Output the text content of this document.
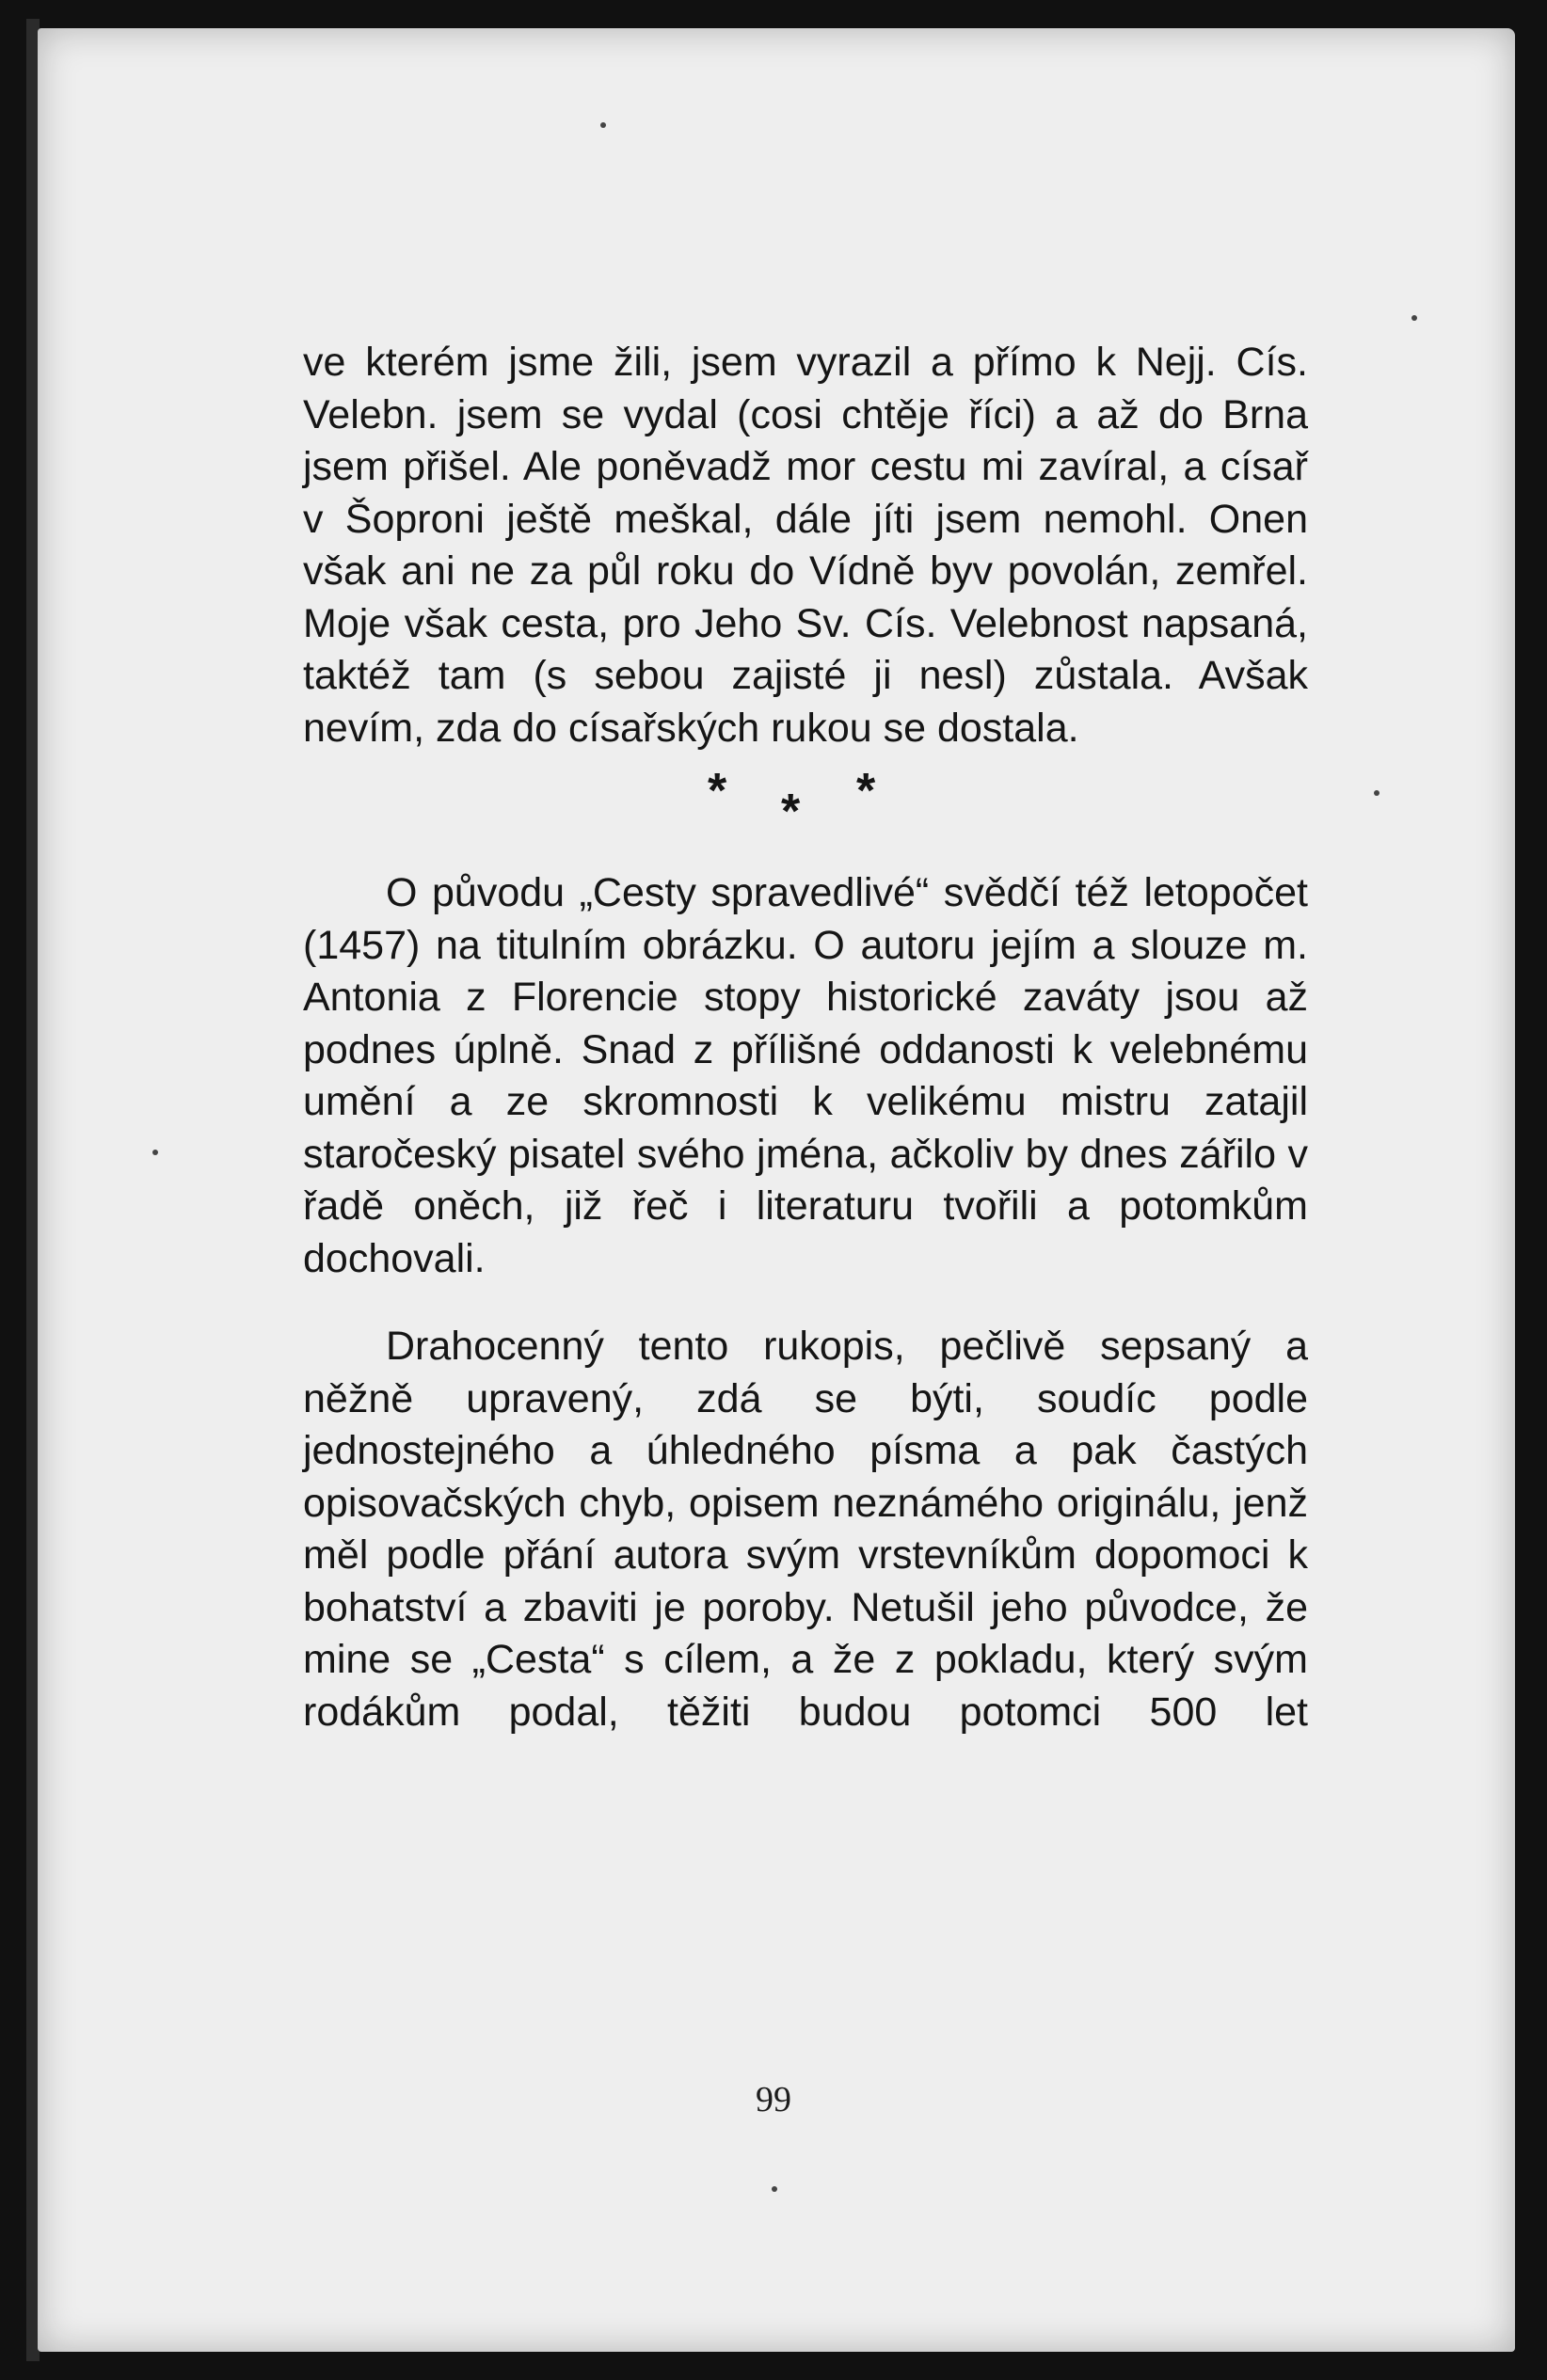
ve kterém jsme žili, jsem vyrazil a přímo k Nejj. Cís. Velebn. jsem se vydal (cosi chtěje říci) a až do Brna jsem přišel. Ale poněvadž mor cestu mi zavíral, a císař v Šoproni ještě meškal, dále jíti jsem nemohl. Onen však ani ne za půl roku do Vídně byv povolán, zemřel. Moje však cesta, pro Jeho Sv. Cís. Velebnost napsaná, taktéž tam (s sebou zajisté ji nesl) zůstala. Avšak nevím, zda do císařských rukou se dostala.

* * *

O původu „Cesty spravedlivé“ svědčí též letopočet (1457) na titulním obrázku. O autoru jejím a slouze m. Antonia z Florencie stopy historické zaváty jsou až podnes úplně. Snad z přílišné oddanosti k velebnému umění a ze skromnosti k velikému mistru zatajil staročeský pisatel svého jména, ačkoliv by dnes zářilo v řadě oněch, již řeč i literaturu tvořili a potomkům dochovali.

Drahocenný tento rukopis, pečlivě sepsaný a něžně upravený, zdá se býti, soudíc podle jednostejného a úhledného písma a pak častých opisovačských chyb, opisem neznámého originálu, jenž měl podle přání autora svým vrstevníkům dopomoci k bohatství a zbaviti je poroby. Netušil jeho původce, že mine se „Cesta“ s cílem, a že z pokladu, který svým rodákům podal, těžiti budou potomci 500 let

99
